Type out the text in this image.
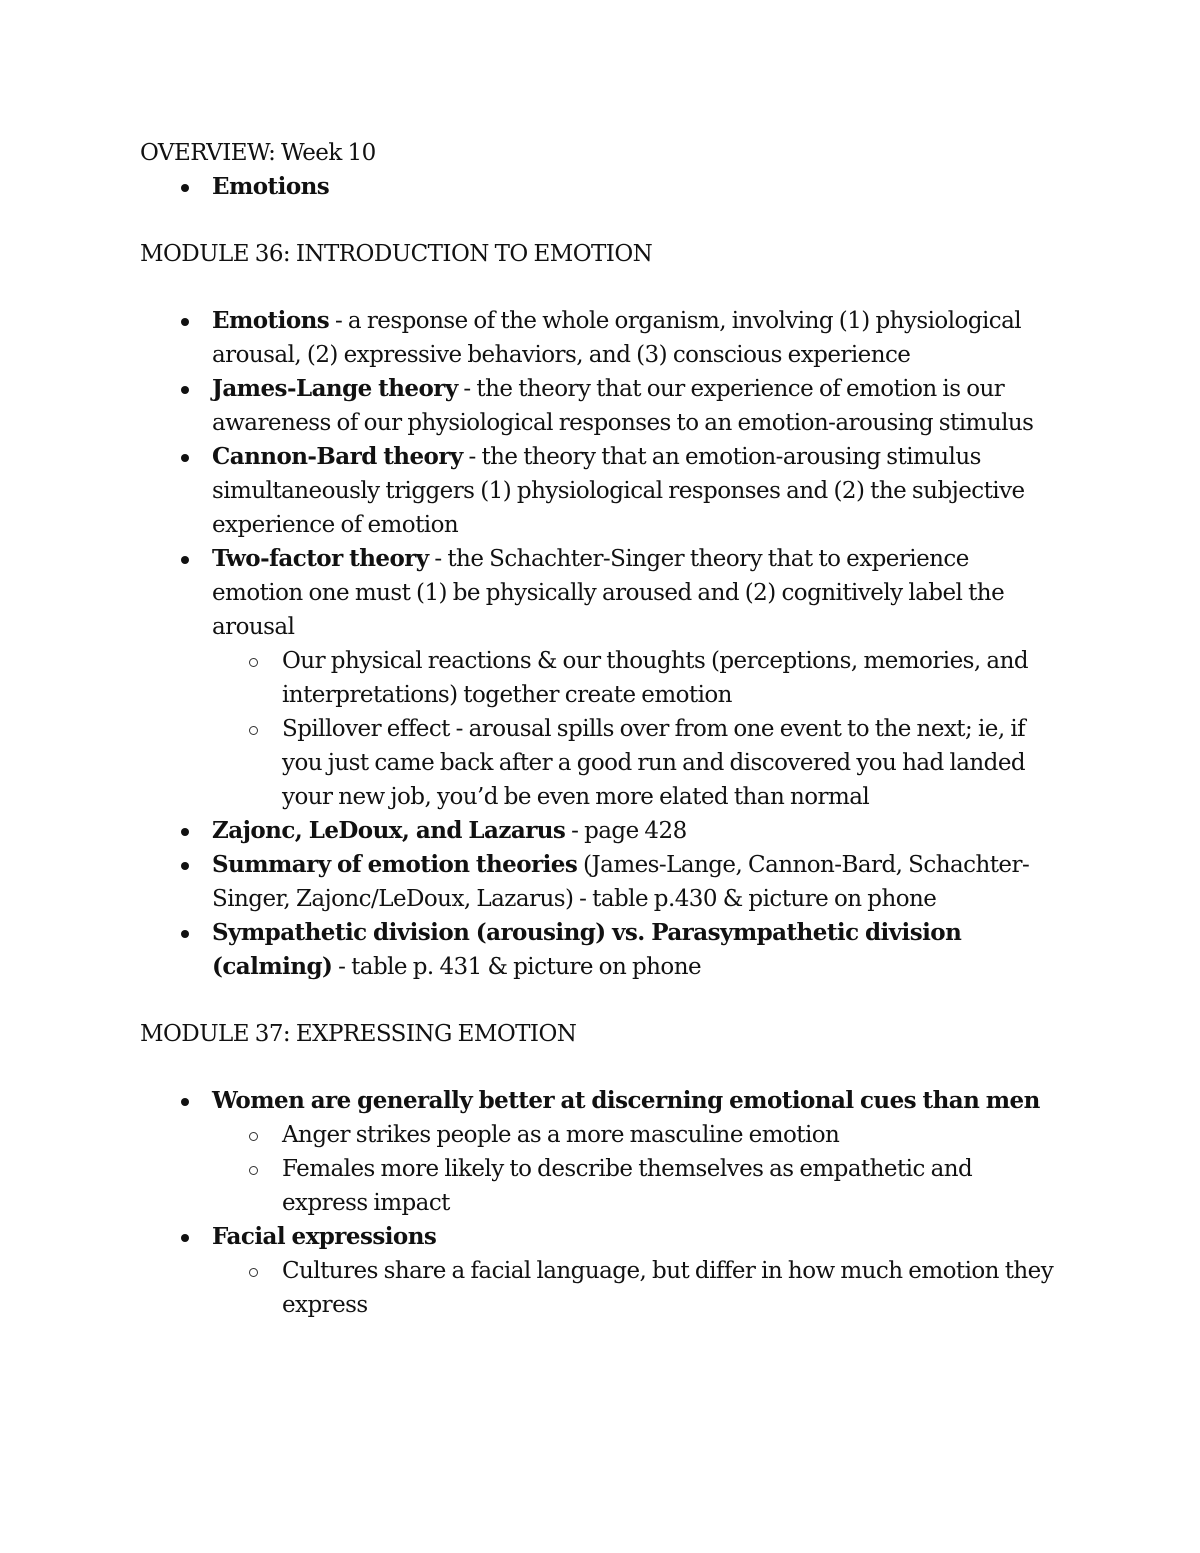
OVERVIEW: Week 10
Emotions
MODULE 36: INTRODUCTION TO EMOTION
Emotions - a response of the whole organism, involving (1) physiological arousal, (2) expressive behaviors, and (3) conscious experience
James-Lange theory - the theory that our experience of emotion is our awareness of our physiological responses to an emotion-arousing stimulus
Cannon-Bard theory - the theory that an emotion-arousing stimulus simultaneously triggers (1) physiological responses and (2) the subjective experience of emotion
Two-factor theory - the Schachter-Singer theory that to experience emotion one must (1) be physically aroused and (2) cognitively label the arousal
Our physical reactions & our thoughts (perceptions, memories, and interpretations) together create emotion
Spillover effect - arousal spills over from one event to the next; ie, if you just came back after a good run and discovered you had landed your new job, you’d be even more elated than normal
Zajonc, LeDoux, and Lazarus - page 428
Summary of emotion theories (James-Lange, Cannon-Bard, Schachter-Singer, Zajonc/LeDoux, Lazarus) - table p.430 & picture on phone
Sympathetic division (arousing) vs. Parasympathetic division (calming) - table p. 431 & picture on phone
MODULE 37: EXPRESSING EMOTION
Women are generally better at discerning emotional cues than men
Anger strikes people as a more masculine emotion
Females more likely to describe themselves as empathetic and express impact
Facial expressions
Cultures share a facial language, but differ in how much emotion they express
